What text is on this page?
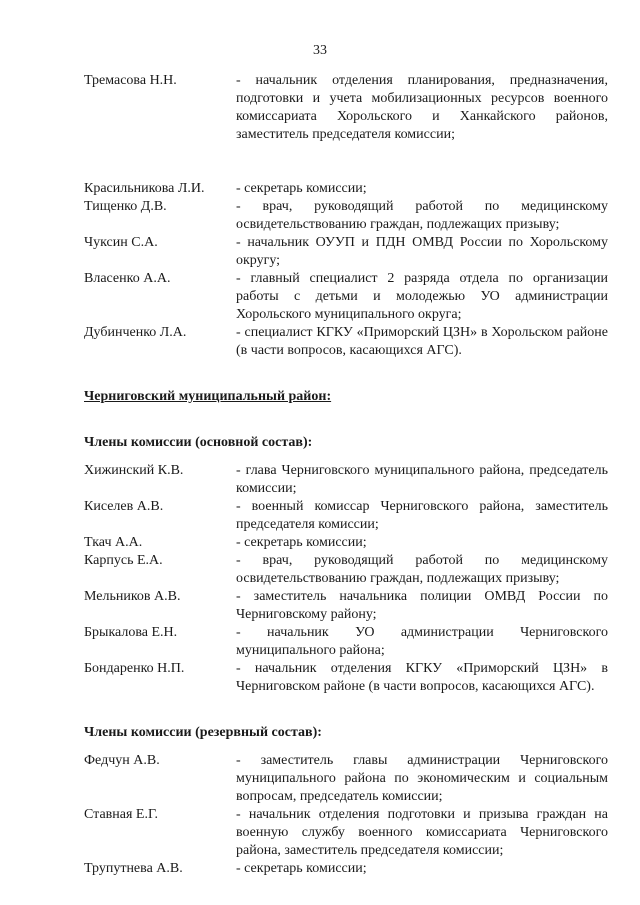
33
Тремасова Н.Н.	- начальник отделения планирования, предназначения, подготовки и учета мобилизационных ресурсов военного комиссариата Хорольского и Ханкайского районов, заместитель председателя комиссии;
Красильникова Л.И.	- секретарь комиссии;
Тищенко Д.В.	- врач, руководящий работой по медицинскому освидетельствованию граждан, подлежащих призыву;
Чуксин С.А.	- начальник ОУУП и ПДН ОМВД России по Хорольскому округу;
Власенко А.А.	- главный специалист 2 разряда отдела по организации работы с детьми и молодежью УО администрации Хорольского муниципального округа;
Дубинченко Л.А.	- специалист КГКУ «Приморский ЦЗН» в Хорольском районе (в части вопросов, касающихся АГС).
Черниговский муниципальный район:
Члены комиссии (основной состав):
Хижинский К.В.	- глава Черниговского муниципального района, председатель комиссии;
Киселев А.В.	- военный комиссар Черниговского района, заместитель председателя комиссии;
Ткач А.А.	- секретарь комиссии;
Карпусь Е.А.	- врач, руководящий работой по медицинскому освидетельствованию граждан, подлежащих призыву;
Мельников А.В.	- заместитель начальника полиции ОМВД России по Черниговскому району;
Брыкалова Е.Н.	- начальник УО администрации Черниговского муниципального района;
Бондаренко Н.П.	- начальник отделения КГКУ «Приморский ЦЗН» в Черниговском районе (в части вопросов, касающихся АГС).
Члены комиссии (резервный состав):
Федчун А.В.	- заместитель главы администрации Черниговского муниципального района по экономическим и социальным вопросам, председатель комиссии;
Ставная Е.Г.	- начальник отделения подготовки и призыва граждан на военную службу военного комиссариата Черниговского района, заместитель председателя комиссии;
Трупутнева А.В.	- секретарь комиссии;
